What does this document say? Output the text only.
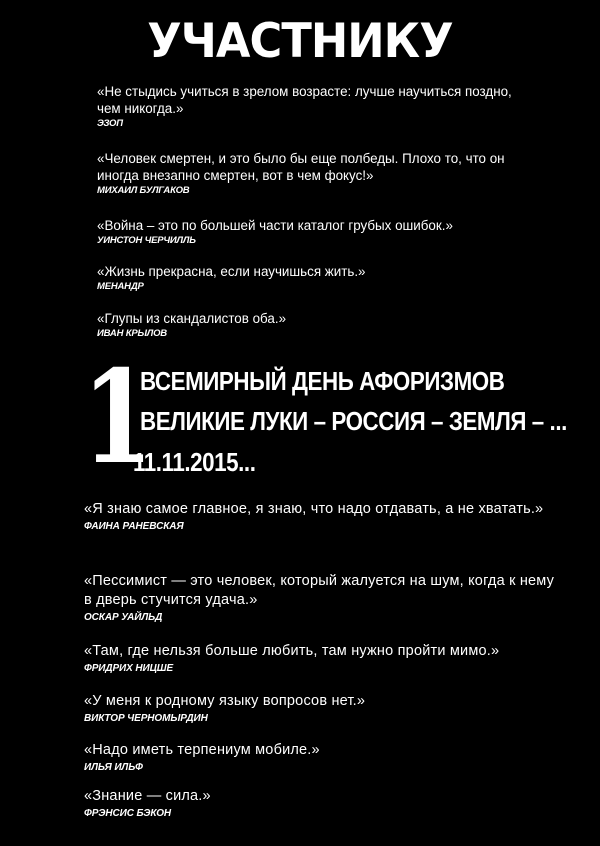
УЧАСТНИКУ
«Не стыдись учиться в зрелом возрасте: лучше научиться поздно, чем никогда.»
ЭЗОП
«Человек смертен, и это было бы еще полбеды. Плохо то, что он иногда внезапно смертен, вот в чем фокус!»
МИХАИЛ БУЛГАКОВ
«Война – это по большей части каталог грубых ошибок.»
УИНСТОН ЧЕРЧИЛЛЬ
«Жизнь прекрасна, если научишься жить.»
МЕНАНДР
«Глупы из скандалистов оба.»
ИВАН КРЫЛОВ
1
ВСЕМИРНЫЙ ДЕНЬ АФОРИЗМОВ
ВЕЛИКИЕ ЛУКИ – РОССИЯ – ЗЕМЛЯ – ...
11.11.2015...
«Я знаю самое главное, я знаю, что надо отдавать, а не хватать.»
ФАИНА РАНЕВСКАЯ
«Пессимист — это человек, который жалуется на шум, когда к нему в дверь стучится удача.»
ОСКАР УАЙЛЬД
«Там, где нельзя больше любить, там нужно пройти мимо.»
ФРИДРИХ НИЦШЕ
«У меня к родному языку вопросов нет.»
ВИКТОР ЧЕРНОМЫРДИН
«Надо иметь терпениум мобиле.»
ИЛЬЯ ИЛЬФ
«Знание — сила.»
ФРЭНСИС БЭКОН
